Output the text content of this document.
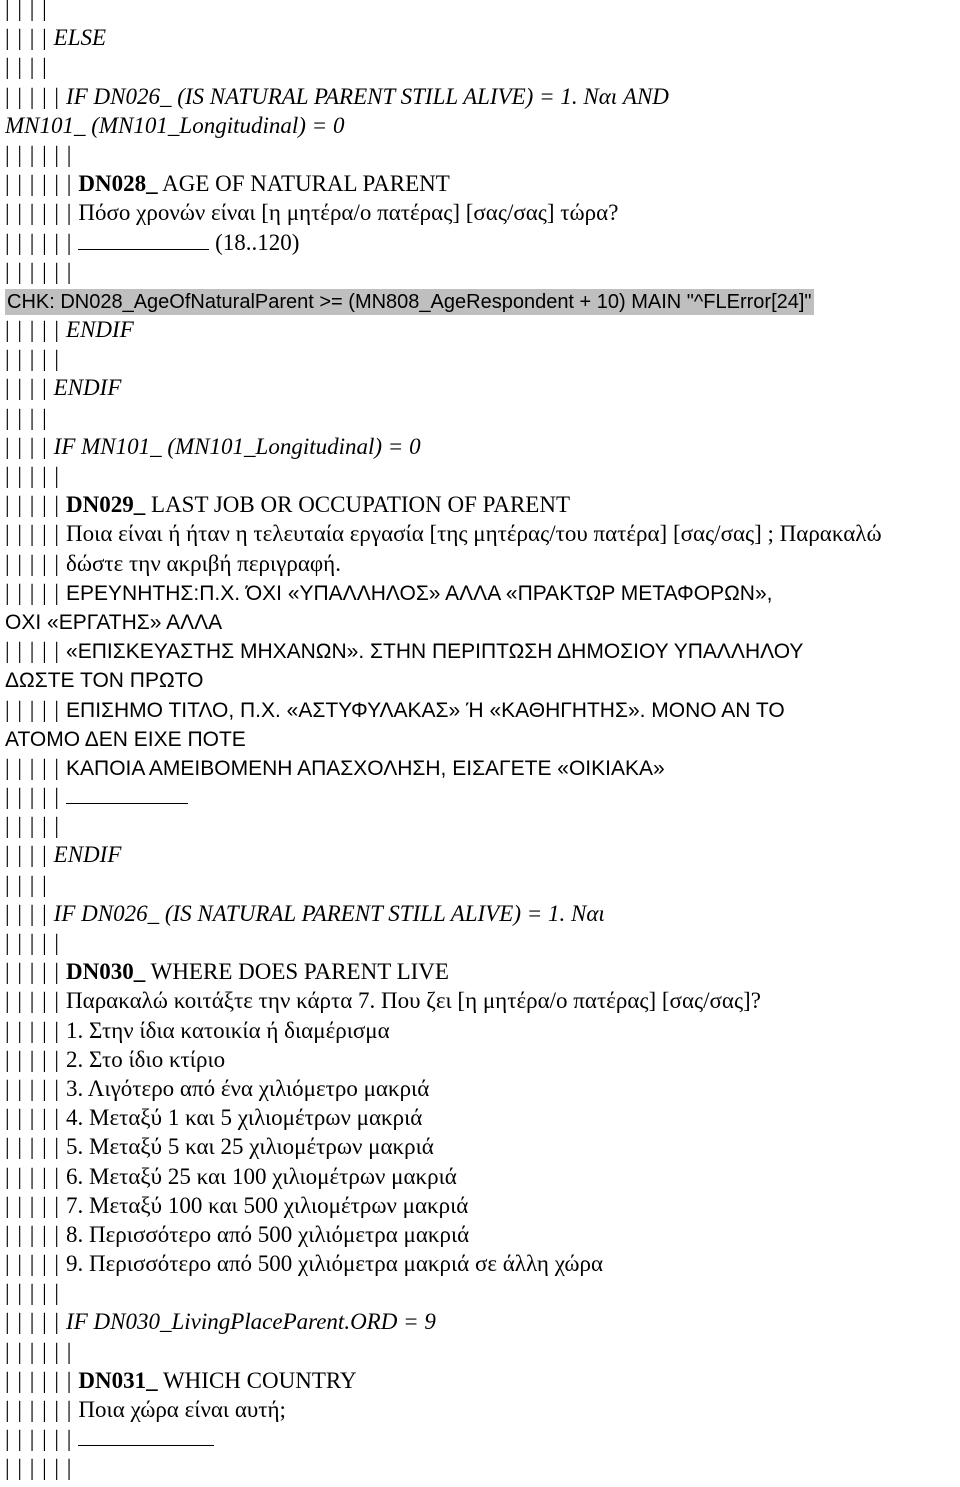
| | | |
| | | | ELSE
| | | |
| | | | | IF DN026_ (IS NATURAL PARENT STILL ALIVE) = 1. Ναι AND
MN101_ (MN101_Longitudinal) = 0
| | | | | |
| | | | | | DN028_ AGE OF NATURAL PARENT
| | | | | | Πόσο χρονών είναι [η μητέρα/ο πατέρας] [σας/σας] τώρα?
| | | | | |	(18..120)
| | | | | |
CHK: DN028_AgeOfNaturalParent >= (MN808_AgeRespondent + 10) MAIN "^FLError[24]"
| | | | | ENDIF
| | | | |
| | | | ENDIF
| | | |
| | | | IF MN101_ (MN101_Longitudinal) = 0
| | | | |
| | | | | DN029_ LAST JOB OR OCCUPATION OF PARENT
| | | | | Ποια είναι ή ήταν η τελευταία εργασία [της μητέρας/του πατέρα] [σας/σας] ; Παρακαλώ
| | | | | δώστε την ακριβή περιγραφή.
| | | | | ΕΡΕΥΝΗΤΗΣ:Π.Χ. ΌΧΙ «ΥΠΑΛΛΗΛΟΣ» ΑΛΛΑ «ΠΡΑΚΤΩΡ ΜΕΤΑΦΟΡΩΝ»,
ΟΧΙ «ΕΡΓΑΤΗΣ» ΑΛΛΑ
| | | | | «ΕΠΙΣΚΕΥΑΣΤΗΣ ΜΗΧΑΝΩΝ». ΣΤΗΝ ΠΕΡΙΠΤΩΣΗ ΔΗΜΟΣΙΟΥ ΥΠΑΛΛΗΛΟΥ
ΔΩΣΤΕ ΤΟΝ ΠΡΩΤΟ
| | | | | ΕΠΙΣΗΜΟ ΤΙΤΛΟ, Π.Χ. «ΑΣΤΥΦΥΛΑΚΑΣ» Ή «ΚΑΘΗΓΗΤΗΣ». ΜΟΝΟ ΑΝ ΤΟ
ΑΤΟΜΟ ΔΕΝ ΕΙΧΕ ΠΟΤΕ
| | | | | ΚΑΠΟΙΑ ΑΜΕΙΒΟΜΕΝΗ ΑΠΑΣΧΟΛΗΣΗ, ΕΙΣΑΓΕΤΕ «ΟΙΚΙΑΚΑ»
| | | | |
| | | | |
| | | | ENDIF
| | | |
| | | | IF DN026_ (IS NATURAL PARENT STILL ALIVE) = 1. Ναι
| | | | |
| | | | | DN030_ WHERE DOES PARENT LIVE
| | | | | Παρακαλώ κοιτάξτε την κάρτα 7. Που ζει [η μητέρα/ο πατέρας] [σας/σας]?
| | | | | 1. Στην ίδια κατοικία ή διαμέρισμα
| | | | | 2. Στο ίδιο κτίριο
| | | | | 3. Λιγότερο από ένα χιλιόμετρο μακριά
| | | | | 4. Μεταξύ 1 και 5 χιλιομέτρων μακριά
| | | | | 5. Μεταξύ 5 και 25 χιλιομέτρων μακριά
| | | | | 6. Μεταξύ 25 και 100 χιλιομέτρων μακριά
| | | | | 7. Μεταξύ 100 και 500 χιλιομέτρων μακριά
| | | | | 8. Περισσότερο από 500 χιλιόμετρα μακριά
| | | | | 9. Περισσότερο από 500 χιλιόμετρα μακριά σε άλλη χώρα
| | | | |
| | | | | IF DN030_LivingPlaceParent.ORD = 9
| | | | | |
| | | | | | DN031_ WHICH COUNTRY
| | | | | | Ποια χώρα είναι αυτή;
| | | | | |
| | | | | |
